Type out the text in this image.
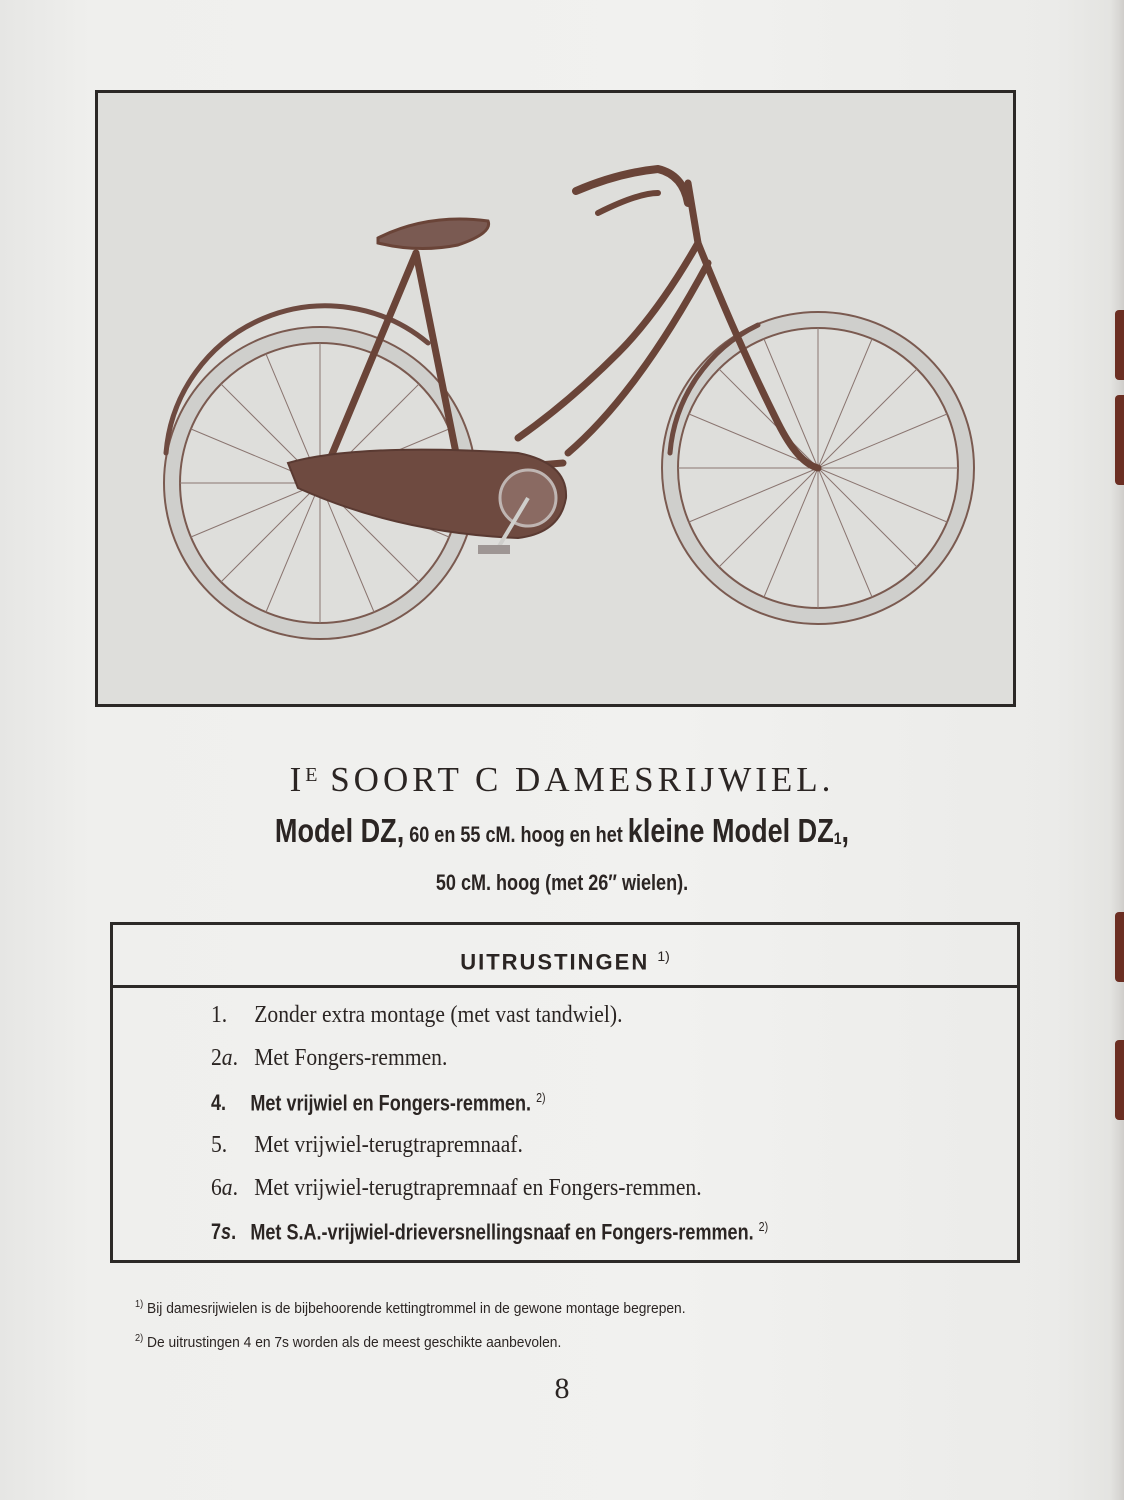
$I^E$ SOORT C DAMESRIJWIEL.
Model DZ, 60 en 55 cM. hoog en het kleine Model $DZ_1$,
50 cM. hoog (met 26″ wielen).
UITRUSTINGEN $^{1)}$
1. Zonder extra montage (met vast tandwiel).
2a. Met Fongers-remmen.
4. Met vrijwiel en Fongers-remmen. $^{2)}$
5. Met vrijwiel-terugtrapremnaaf.
6a. Met vrijwiel-terugtrapremnaaf en Fongers-remmen.
7s. Met S.A.-vrijwiel-drieversnellingsnaaf en Fongers-remmen. $^{2)}$
$^{1)}$ Bij damesrijwielen is de bijbehoorende kettingtrommel in de gewone montage begrepen.
$^{2)}$ De uitrustingen 4 en 7s worden als de meest geschikte aanbevolen.
8
